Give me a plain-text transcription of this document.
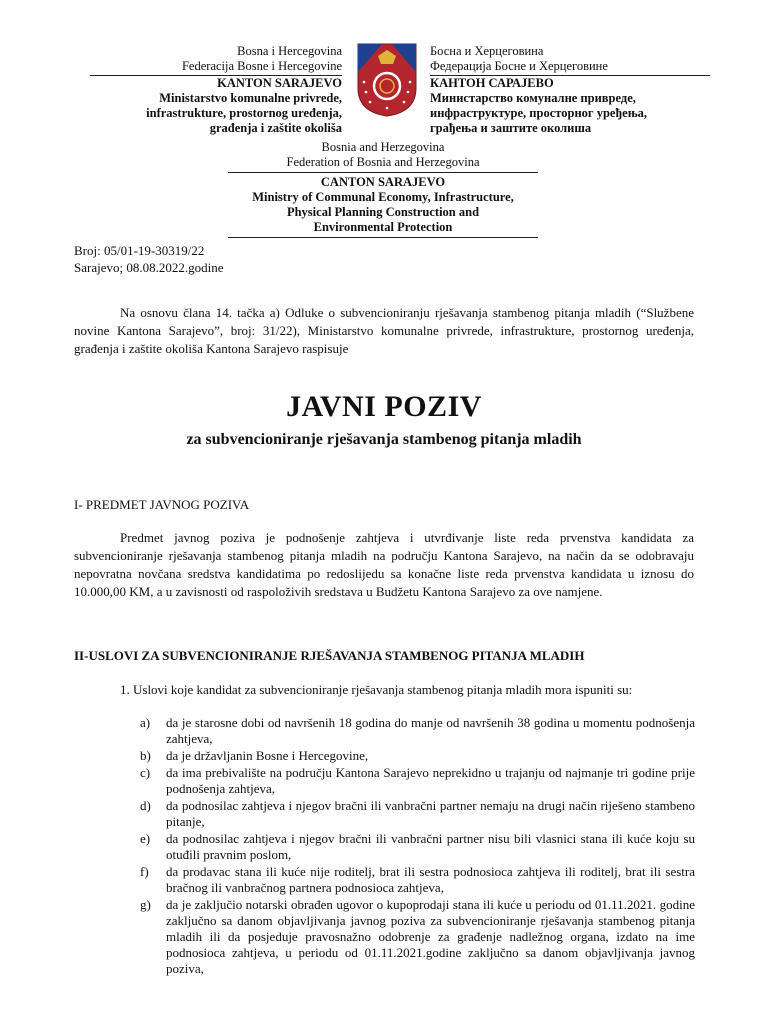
Bosna i Hercegovina
Federacija Bosne i Hercegovine
KANTON SARAJEVO
Ministarstvo komunalne privrede,
infrastrukture, prostornog uređenja,
građenja i zaštite okoliša
Босна и Херцеговина
Федерација Босне и Херцеговине
КАНТОН САРАЈЕВО
Министарство комуналне привреде,
инфраструктуре, просторног уређења,
грађења и заштите околиша
Bosnia and Herzegovina
Federation of Bosnia and Herzegovina
CANTON SARAJEVO
Ministry of Communal Economy, Infrastructure,
Physical Planning Construction and
Environmental Protection
Broj: 05/01-19-30319/22
Sarajevo; 08.08.2022.godine
Na osnovu člana 14. tačka a) Odluke o subvencioniranju rješavanja stambenog pitanja mladih (“Službene novine Kantona Sarajevo”, broj: 31/22), Ministarstvo komunalne privrede, infrastrukture, prostornog uređenja, građenja i zaštite okoliša Kantona Sarajevo raspisuje
JAVNI POZIV
za subvencioniranje rješavanja stambenog pitanja mladih
I- PREDMET JAVNOG POZIVA
Predmet javnog poziva je podnošenje zahtjeva i utvrđivanje liste reda prvenstva kandidata za subvencioniranje rješavanja stambenog pitanja mladih na području Kantona Sarajevo, na način da se odobravaju nepovratna novčana sredstva kandidatima po redoslijedu sa konačne liste reda prvenstva kandidata u iznosu do 10.000,00 KM, a u zavisnosti od raspoloživih sredstava u Budžetu Kantona Sarajevo za ove namjene.
II-USLOVI ZA SUBVENCIONIRANJE RJEŠAVANJA STAMBENOG PITANJA MLADIH
1. Uslovi koje kandidat za subvencioniranje rješavanja stambenog pitanja mladih mora ispuniti su:
a)	da je starosne dobi od navršenih 18 godina do manje od navršenih 38 godina u momentu podnošenja zahtjeva,
b)	da je državljanin Bosne i Hercegovine,
c)	da ima prebivalište na području Kantona Sarajevo neprekidno u trajanju od najmanje tri godine prije podnošenja zahtjeva,
d)	da podnosilac zahtjeva i njegov bračni ili vanbračni partner nemaju na drugi način riješeno stambeno pitanje,
e)	da podnosilac zahtjeva i njegov bračni ili vanbračni partner nisu bili vlasnici stana ili kuće koju su otuđili pravnim poslom,
f)	da prodavac stana ili kuće nije roditelj, brat ili sestra podnosioca zahtjeva ili roditelj, brat ili sestra bračnog ili vanbračnog partnera podnosioca zahtjeva,
g)	da je zaključio notarski obrađen ugovor o kupoprodaji stana ili kuće u periodu od 01.11.2021. godine zaključno sa danom objavljivanja javnog poziva za subvencioniranje rješavanja stambenog pitanja mladih ili da posjeduje pravosnažno odobrenje za građenje nadležnog organa, izdato na ime podnosioca zahtjeva, u periodu od 01.11.2021.godine zaključno sa danom objavljivanja javnog poziva,
